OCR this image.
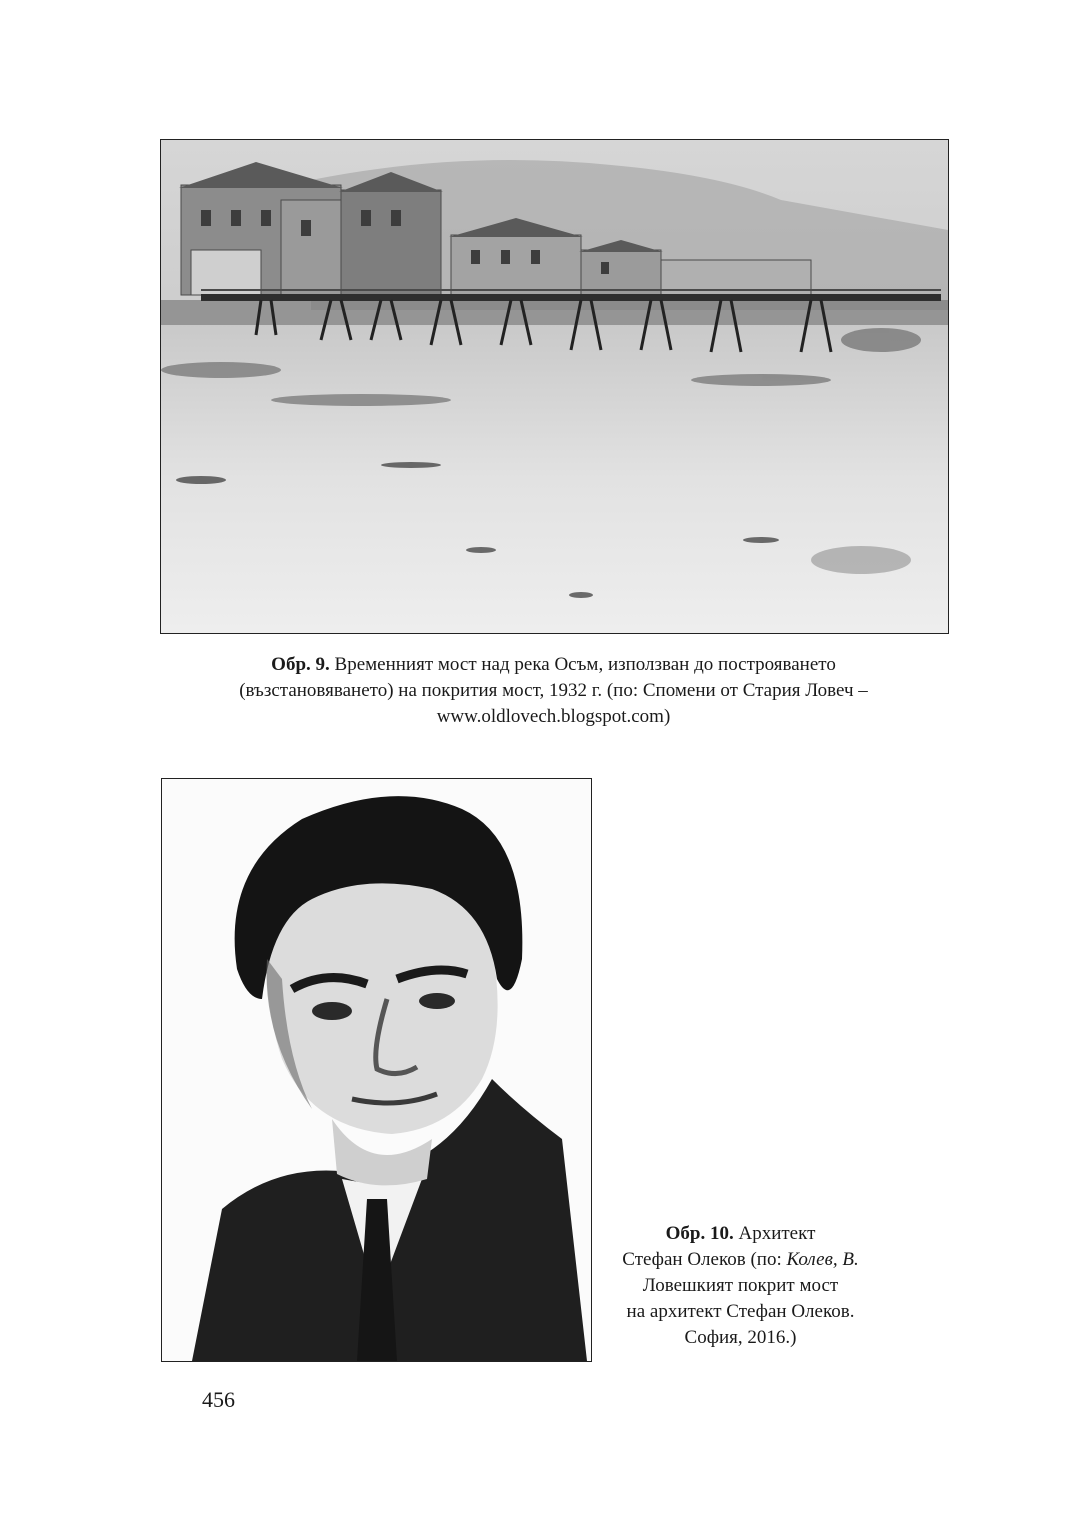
Обр. 9. Временният мост над река Осъм, използван до построяването
(възстановяването) на покрития мост, 1932 г. (по: Спомени от Стария Ловеч –
www.oldlovech.blogspot.com)
Обр. 10. Архитект
Стефан Олеков (по: Колев, В.
Ловешкият покрит мост
на архитект Стефан Олеков.
София, 2016.)
456
